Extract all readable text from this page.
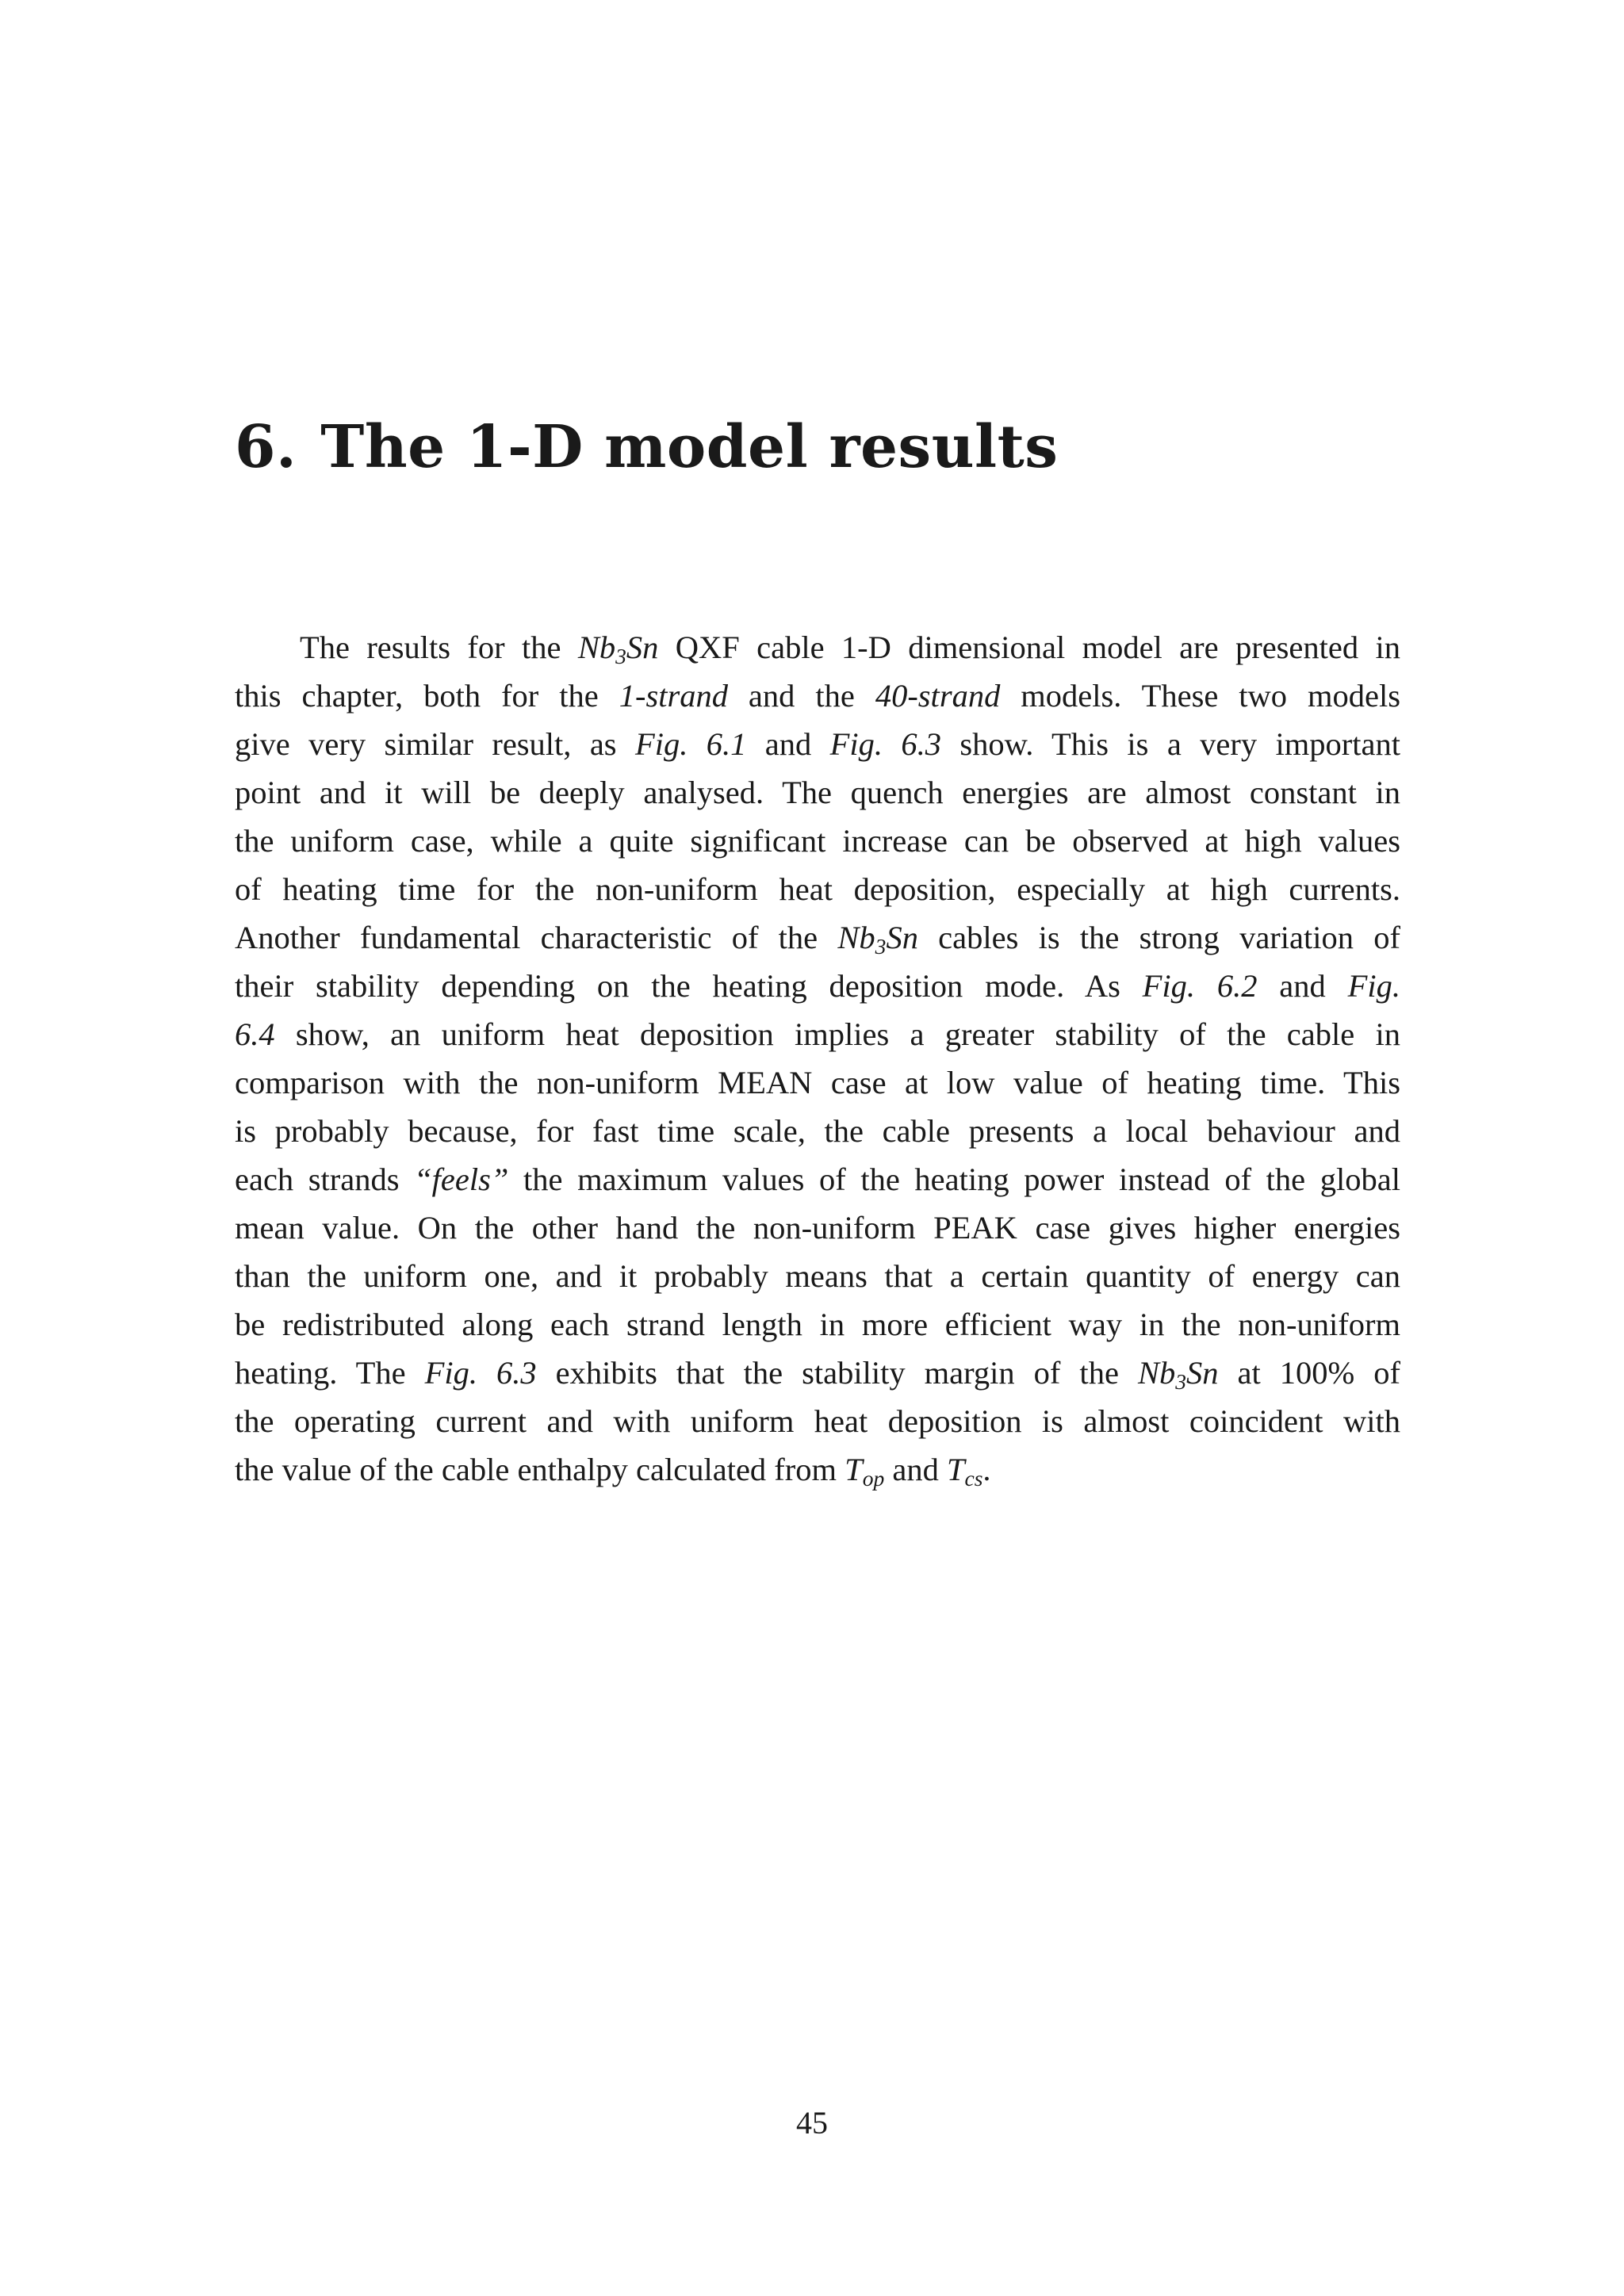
6. The 1-D model results
The results for the $Nb_3Sn$ QXF cable 1-D dimensional model are presented in
this chapter, both for the 1-strand and the 40-strand models. These two models
give very similar result, as Fig. 6.1 and Fig. 6.3 show. This is a very important
point and it will be deeply analysed. The quench energies are almost constant in
the uniform case, while a quite significant increase can be observed at high values
of heating time for the non-uniform heat deposition, especially at high currents.
Another fundamental characteristic of the $Nb_3Sn$ cables is the strong variation of
their stability depending on the heating deposition mode. As Fig. 6.2 and Fig.
6.4 show, an uniform heat deposition implies a greater stability of the cable in
comparison with the non-uniform MEAN case at low value of heating time. This
is probably because, for fast time scale, the cable presents a local behaviour and
each strands “feels” the maximum values of the heating power instead of the global
mean value. On the other hand the non-uniform PEAK case gives higher energies
than the uniform one, and it probably means that a certain quantity of energy can
be redistributed along each strand length in more efficient way in the non-uniform
heating. The Fig. 6.3 exhibits that the stability margin of the $Nb_3Sn$ at 100% of
the operating current and with uniform heat deposition is almost coincident with
the value of the cable enthalpy calculated from $T_{op}$ and $T_{cs}$.
45
